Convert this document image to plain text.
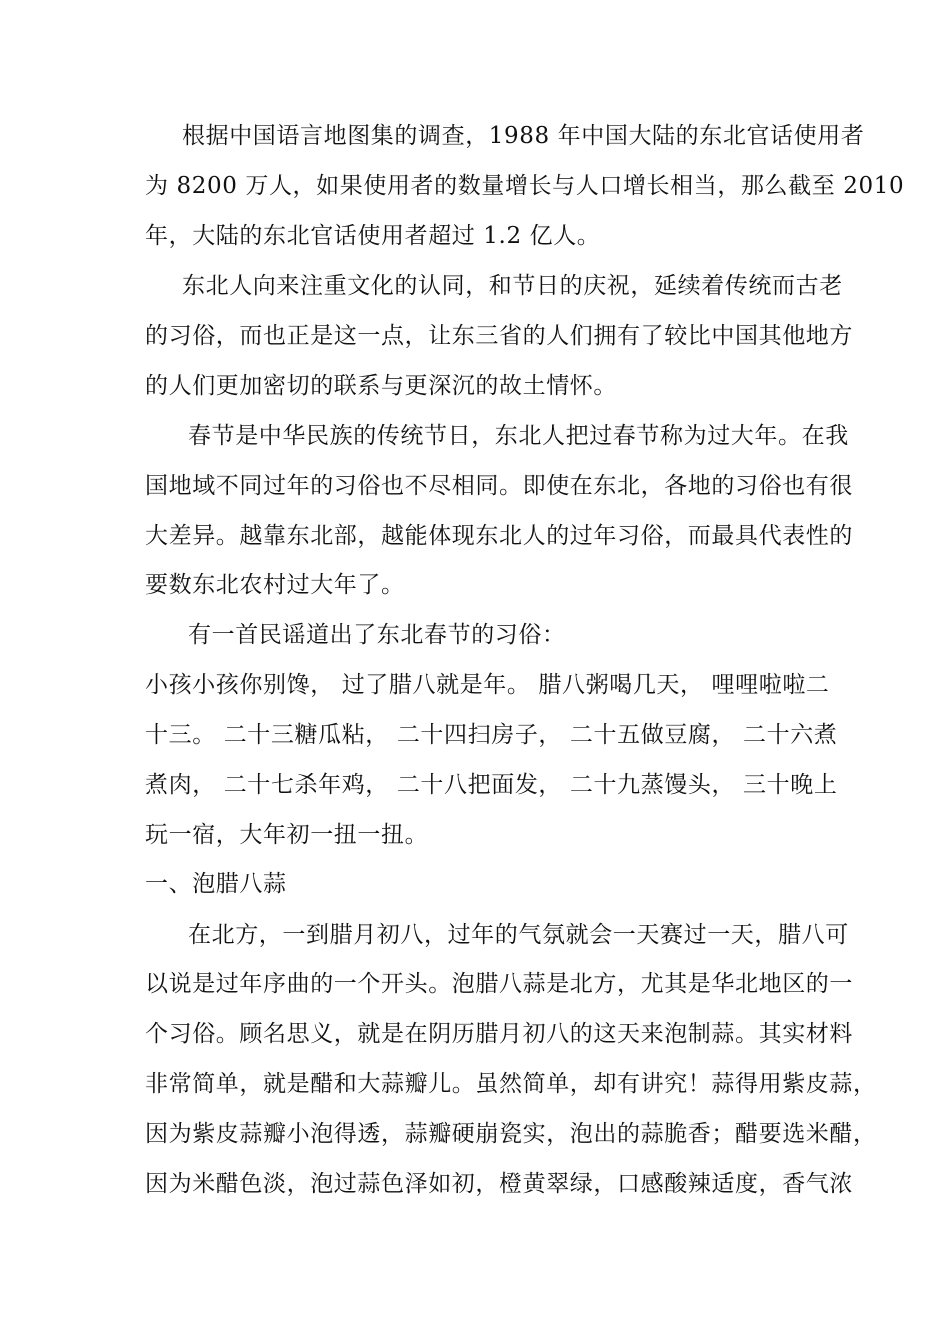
根据中国语言地图集的调查，1988 年中国大陆的东北官话使用者
为 8200 万人，如果使用者的数量增长与人口增长相当，那么截至 2010
年，大陆的东北官话使用者超过 1.2 亿人。
东北人向来注重文化的认同，和节日的庆祝，延续着传统而古老
的习俗，而也正是这一点，让东三省的人们拥有了较比中国其他地方
的人们更加密切的联系与更深沉的故土情怀。
春节是中华民族的传统节日，东北人把过春节称为过大年。在我
国地域不同过年的习俗也不尽相同。即使在东北，各地的习俗也有很
大差异。越靠东北部，越能体现东北人的过年习俗，而最具代表性的
要数东北农村过大年了。
有一首民谣道出了东北春节的习俗：
小孩小孩你别馋， 过了腊八就是年。 腊八粥喝几天， 哩哩啦啦二
十三。 二十三糖瓜粘， 二十四扫房子， 二十五做豆腐， 二十六煮
煮肉， 二十七杀年鸡， 二十八把面发， 二十九蒸馒头， 三十晚上
玩一宿，大年初一扭一扭。
一、泡腊八蒜
在北方，一到腊月初八，过年的气氛就会一天赛过一天，腊八可
以说是过年序曲的一个开头。泡腊八蒜是北方，尤其是华北地区的一
个习俗。顾名思义，就是在阴历腊月初八的这天来泡制蒜。其实材料
非常简单，就是醋和大蒜瓣儿。虽然简单，却有讲究！蒜得用紫皮蒜，
因为紫皮蒜瓣小泡得透，蒜瓣硬崩瓷实，泡出的蒜脆香；醋要选米醋，
因为米醋色淡，泡过蒜色泽如初，橙黄翠绿，口感酸辣适度，香气浓
